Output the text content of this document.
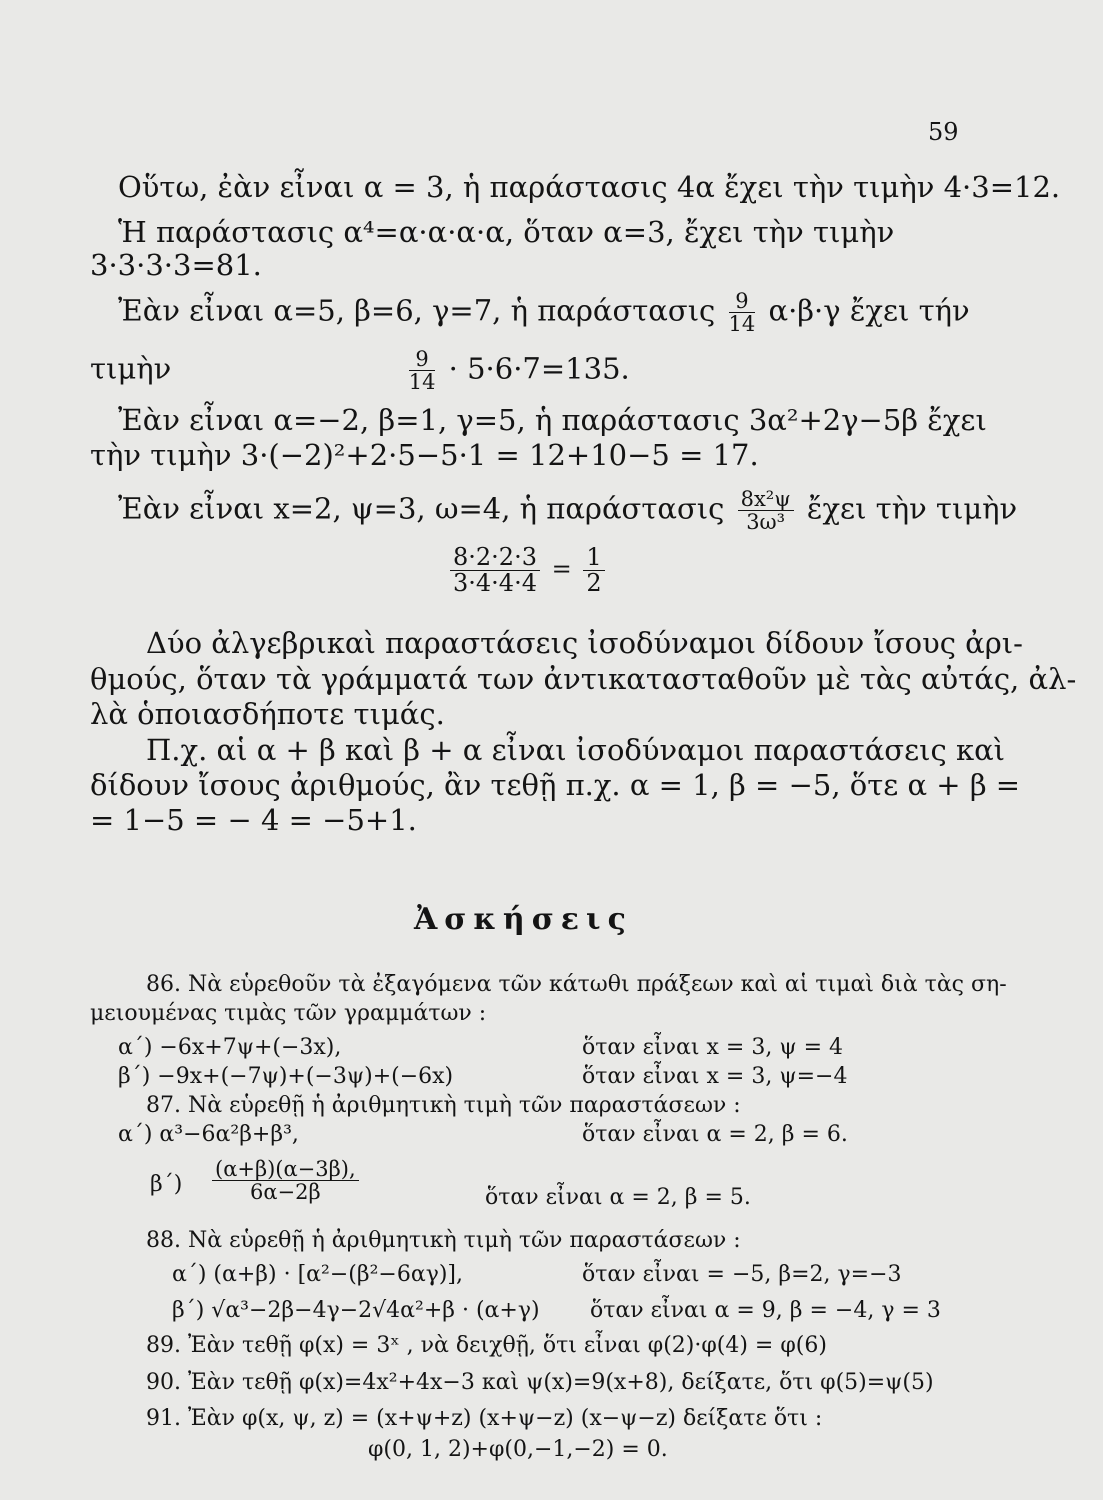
59
Οὕτω, ἐὰν εἶναι α = 3, ἡ παράστασις 4α ἔχει τὴν τιμὴν 4·3=12.
Ἡ παράστασις α⁴=α·α·α·α, ὅταν α=3, ἔχει τὴν τιμὴν
3·3·3·3=81.
Ἐὰν εἶναι α=5, β=6, γ=7, ἡ παράστασις $\frac{9}{14} \alpha\cdot\beta\cdot\gamma$ ἔχει τήν
τιμὴν	$\frac{9}{14} \cdot 5\cdot 6\cdot 7=135$.
Ἐὰν εἶναι α=−2, β=1, γ=5, ἡ παράστασις 3α²+2γ−5β ἔχει
τὴν τιμὴν 3·(−2)²+2·5−5·1 = 12+10−5 = 17.
Ἐὰν εἶναι x=2, ψ=3, ω=4, ἡ παράστασις $\frac{\text{8x²ψ}}{\text{3ω³}}$ ἔχει τὴν τιμὴν
$\frac{8\cdot 2\cdot 2\cdot 3}{3\cdot 4\cdot 4\cdot 4} = \frac{1}{2}$
Δύο ἀλγεβρικαὶ παραστάσεις ἰσοδύναμοι δίδουν ἴσους ἀρι-
θμούς, ὅταν τὰ γράμματά των ἀντικατασταθοῦν μὲ τὰς αὐτάς, ἀλ-
λὰ ὁποιασδήποτε τιμάς.
Π.χ. αἱ α + β καὶ β + α εἶναι ἰσοδύναμοι παραστάσεις καὶ
δίδουν ἴσους ἀριθμούς, ἂν τεθῇ π.χ. α = 1, β = −5, ὅτε α + β =
= 1−5 = − 4 = −5+1.
Ἀσκήσεις
86. Νὰ εὑρεθοῦν τὰ ἐξαγόμενα τῶν κάτωθι πράξεων καὶ αἱ τιμαὶ διὰ τὰς ση-
μειουμένας τιμὰς τῶν γραμμάτων :
α΄) −6x+7ψ+(−3x),	ὅταν εἶναι x = 3, ψ = 4
β΄) −9x+(−7ψ)+(−3ψ)+(−6x)	ὅταν εἶναι x = 3, ψ=−4
87. Νὰ εὑρεθῇ ἡ ἀριθμητικὴ τιμὴ τῶν παραστάσεων :
α΄) α³−6α²β+β³,	ὅταν εἶναι α = 2, β = 6.
$\beta΄) \frac{(\alpha+\beta)(\alpha-3\beta),}{6\alpha-2\beta}$	ὅταν εἶναι α = 2, β = 5.
88. Νὰ εὑρεθῇ ἡ ἀριθμητικὴ τιμὴ τῶν παραστάσεων :
α΄) (α+β) · [α²−(β²−6αγ)],	ὅταν εἶναι = −5, β=2, γ=−3
β΄) √α³−2β−4γ−2√4α²+β · (α+γ) ὅταν εἶναι α = 9, β = −4, γ = 3
89. Ἐὰν τεθῇ φ(x) = 3ˣ , νὰ δειχθῇ, ὅτι εἶναι φ(2)·φ(4) = φ(6)
90. Ἐὰν τεθῇ φ(x)=4x²+4x−3 καὶ ψ(x)=9(x+8), δείξατε, ὅτι φ(5)=ψ(5)
91. Ἐὰν φ(x, ψ, z) = (x+ψ+z) (x+ψ−z) (x−ψ−z) δείξατε ὅτι :
φ(0, 1, 2)+φ(0,−1,−2) = 0.
